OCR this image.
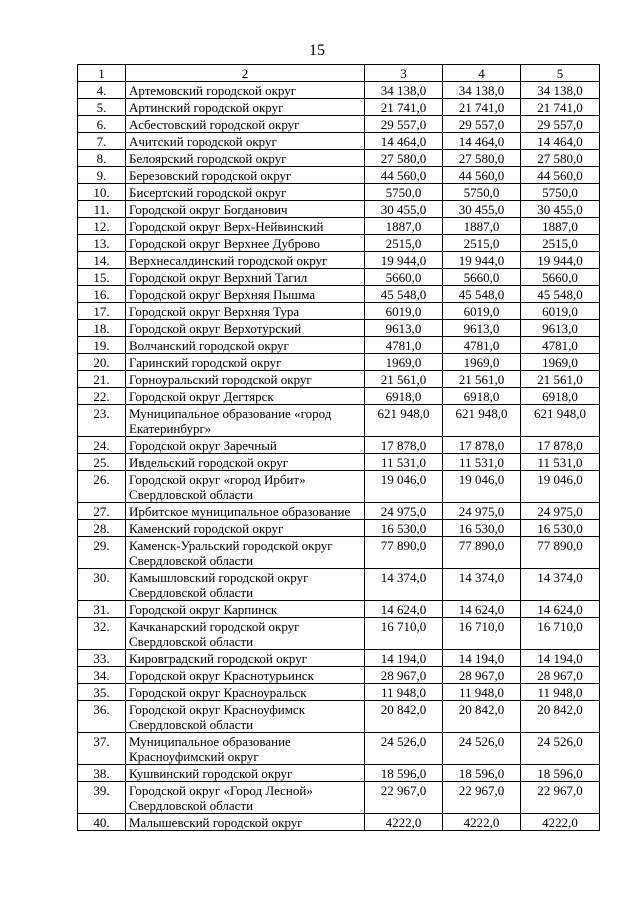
15
1	2	3	4	5
4.	Артемовский городской округ	34 138,0	34 138,0	34 138,0
5.	Артинский городской округ	21 741,0	21 741,0	21 741,0
6.	Асбестовский городской округ	29 557,0	29 557,0	29 557,0
7.	Ачитский городской округ	14 464,0	14 464,0	14 464,0
8.	Белоярский городской округ	27 580,0	27 580,0	27 580,0
9.	Березовский городской округ	44 560,0	44 560,0	44 560,0
10.	Бисертский городской округ	5750,0	5750,0	5750,0
11.	Городской округ Богданович	30 455,0	30 455,0	30 455,0
12.	Городской округ Верх-Нейвинский	1887,0	1887,0	1887,0
13.	Городской округ Верхнее Дуброво	2515,0	2515,0	2515,0
14.	Верхнесалдинский городской округ	19 944,0	19 944,0	19 944,0
15.	Городской округ Верхний Тагил	5660,0	5660,0	5660,0
16.	Городской округ Верхняя Пышма	45 548,0	45 548,0	45 548,0
17.	Городской округ Верхняя Тура	6019,0	6019,0	6019,0
18.	Городской округ Верхотурский	9613,0	9613,0	9613,0
19.	Волчанский городской округ	4781,0	4781,0	4781,0
20.	Гаринский городской округ	1969,0	1969,0	1969,0
21.	Горноуральский городской округ	21 561,0	21 561,0	21 561,0
22.	Городской округ Дегтярск	6918,0	6918,0	6918,0
23.	Муниципальное образование «город Екатеринбург»	621 948,0	621 948,0	621 948,0
24.	Городской округ Заречный	17 878,0	17 878,0	17 878,0
25.	Ивдельский городской округ	11 531,0	11 531,0	11 531,0
26.	Городской округ «город Ирбит» Свердловской области	19 046,0	19 046,0	19 046,0
27.	Ирбитское муниципальное образование	24 975,0	24 975,0	24 975,0
28.	Каменский городской округ	16 530,0	16 530,0	16 530,0
29.	Каменск-Уральский городской округ Свердловской области	77 890,0	77 890,0	77 890,0
30.	Камышловский городской округ Свердловской области	14 374,0	14 374,0	14 374,0
31.	Городской округ Карпинск	14 624,0	14 624,0	14 624,0
32.	Качканарский городской округ Свердловской области	16 710,0	16 710,0	16 710,0
33.	Кировградский городской округ	14 194,0	14 194,0	14 194,0
34.	Городской округ Краснотурьинск	28 967,0	28 967,0	28 967,0
35.	Городской округ Красноуральск	11 948,0	11 948,0	11 948,0
36.	Городской округ Красноуфимск Свердловской области	20 842,0	20 842,0	20 842,0
37.	Муниципальное образование Красноуфимский округ	24 526,0	24 526,0	24 526,0
38.	Кушвинский городской округ	18 596,0	18 596,0	18 596,0
39.	Городской округ «Город Лесной» Свердловской области	22 967,0	22 967,0	22 967,0
40.	Малышевский городской округ	4222,0	4222,0	4222,0
